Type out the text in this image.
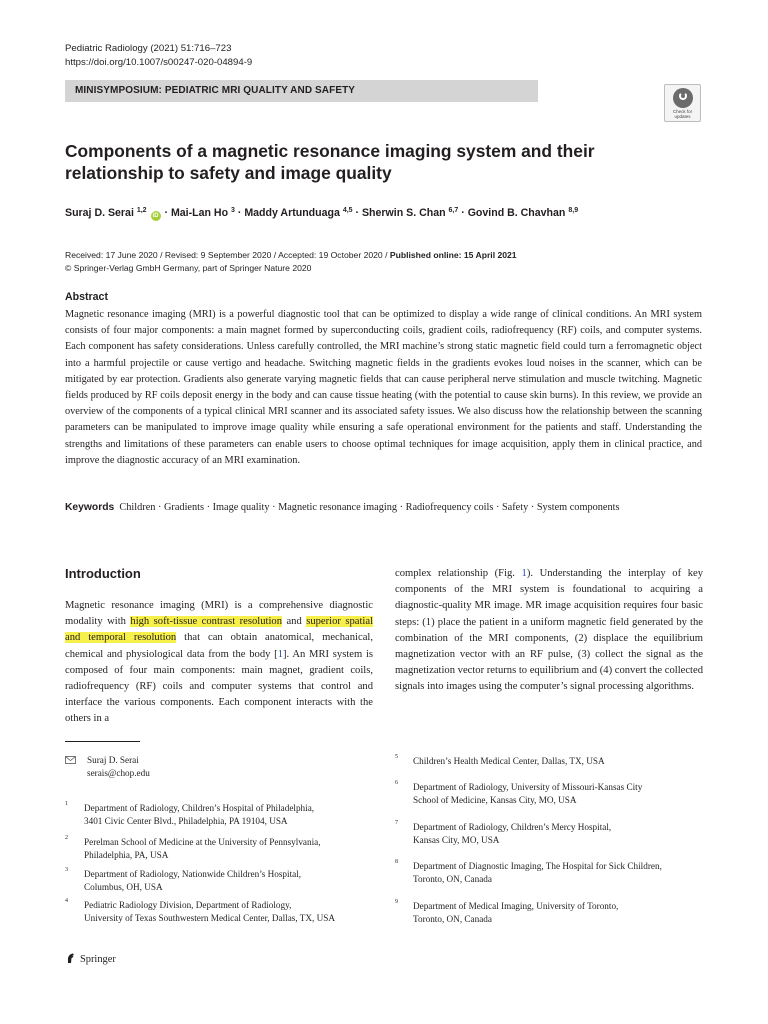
Pediatric Radiology (2021) 51:716–723
https://doi.org/10.1007/s00247-020-04894-9
MINISYMPOSIUM: PEDIATRIC MRI QUALITY AND SAFETY
Check for
updates
Components of a magnetic resonance imaging system and their relationship to safety and image quality
Suraj D. Serai $^{1,2}$ iD · Mai-Lan Ho $^3$ · Maddy Artunduaga $^{4,5}$ · Sherwin S. Chan $^{6,7}$ · Govind B. Chavhan $^{8,9}$
Received: 17 June 2020 / Revised: 9 September 2020 / Accepted: 19 October 2020 / Published online: 15 April 2021
© Springer-Verlag GmbH Germany, part of Springer Nature 2020
Abstract
Magnetic resonance imaging (MRI) is a powerful diagnostic tool that can be optimized to display a wide range of clinical conditions. An MRI system consists of four major components: a main magnet formed by superconducting coils, gradient coils, radiofrequency (RF) coils, and computer systems. Each component has safety considerations. Unless carefully controlled, the MRI machine’s strong static magnetic field could turn a ferromagnetic object into a harmful projectile or cause vertigo and headache. Switching magnetic fields in the gradients evokes loud noises in the scanner, which can be mitigated by ear protection. Gradients also generate varying magnetic fields that can cause peripheral nerve stimulation and muscle twitching. Magnetic fields produced by RF coils deposit energy in the body and can cause tissue heating (with the potential to cause skin burns). In this review, we provide an overview of the components of a typical clinical MRI scanner and its associated safety issues. We also discuss how the relationship between the scanning parameters can be manipulated to improve image quality while ensuring a safe operational environment for the patients and staff. Understanding the strengths and limitations of these parameters can enable users to choose optimal techniques for image acquisition, apply them in clinical practice, and improve the diagnostic accuracy of an MRI examination.
Keywords Children · Gradients · Image quality · Magnetic resonance imaging · Radiofrequency coils · Safety · System components
Introduction
Magnetic resonance imaging (MRI) is a comprehensive diagnostic modality with high soft-tissue contrast resolution and superior spatial and temporal resolution that can obtain anatomical, mechanical, chemical and physiological data from the body [1]. An MRI system is composed of four main components: main magnet, gradient coils, radiofrequency (RF) coils and computer systems that control and interface the various components. Each component interacts with the others in a
complex relationship (Fig. 1). Understanding the interplay of key components of the MRI system is foundational to acquiring a diagnostic-quality MR image. MR image acquisition requires four basic steps: (1) place the patient in a uniform magnetic field generated by the combination of the MRI components, (2) displace the equilibrium magnetization vector with an RF pulse, (3) collect the signal as the magnetization vector returns to equilibrium and (4) convert the collected signals into images using the computer’s signal processing algorithms.
Suraj D. Serai
serais@chop.edu
1 Department of Radiology, Children’s Hospital of Philadelphia,
3401 Civic Center Blvd., Philadelphia, PA 19104, USA
2 Perelman School of Medicine at the University of Pennsylvania,
Philadelphia, PA, USA
3 Department of Radiology, Nationwide Children’s Hospital,
Columbus, OH, USA
4 Pediatric Radiology Division, Department of Radiology,
University of Texas Southwestern Medical Center, Dallas, TX, USA
5 Children’s Health Medical Center, Dallas, TX, USA
6 Department of Radiology, University of Missouri-Kansas City
School of Medicine, Kansas City, MO, USA
7 Department of Radiology, Children’s Mercy Hospital,
Kansas City, MO, USA
8 Department of Diagnostic Imaging, The Hospital for Sick Children,
Toronto, ON, Canada
9 Department of Medical Imaging, University of Toronto,
Toronto, ON, Canada
Springer
